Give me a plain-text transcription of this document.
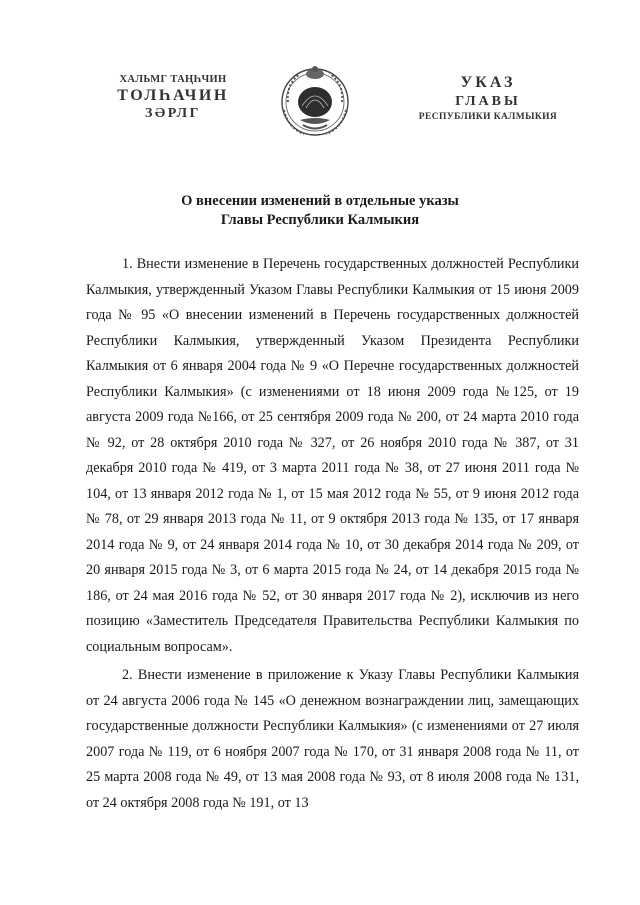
ХАЛЬМГ ТАҢҺЧИН
ТОЛҺАЧИН
ЗӘРЛГ
УКАЗ
ГЛАВЫ
РЕСПУБЛИКИ КАЛМЫКИЯ
О внесении изменений в отдельные указы
Главы Республики Калмыкия

1. Внести изменение в Перечень государственных должностей Республики Калмыкия, утвержденный Указом Главы Республики Калмыкия от 15 июня 2009 года № 95 «О внесении изменений в Перечень государственных должностей Республики Калмыкия, утвержденный Указом Президента Республики Калмыкия от 6 января 2004 года № 9 «О Перечне государственных должностей Республики Калмыкия» (с изменениями от 18 июня 2009 года №125, от 19 августа 2009 года №166, от 25 сентября 2009 года № 200, от 24 марта 2010 года № 92, от 28 октября 2010 года № 327, от 26 ноября 2010 года № 387, от 31 декабря 2010 года № 419, от 3 марта 2011 года № 38, от 27 июня 2011 года № 104, от 13 января 2012 года № 1, от 15 мая 2012 года № 55, от 9 июня 2012 года № 78, от 29 января 2013 года № 11, от 9 октября 2013 года № 135, от 17 января 2014 года № 9, от 24 января 2014 года № 10, от 30 декабря 2014 года № 209, от 20 января 2015 года № 3, от 6 марта 2015 года № 24, от 14 декабря 2015 года № 186, от 24 мая 2016 года № 52, от 30 января 2017 года № 2), исключив из него позицию «Заместитель Председателя Правительства Республики Калмыкия по социальным вопросам».

2. Внести изменение в приложение к Указу Главы Республики Калмыкия от 24 августа 2006 года № 145 «О денежном вознаграждении лиц, замещающих государственные должности Республики Калмыкия» (с изменениями от 27 июля 2007 года № 119, от 6 ноября 2007 года № 170, от 31 января 2008 года № 11, от 25 марта 2008 года № 49, от 13 мая 2008 года № 93, от 8 июля 2008 года № 131, от 24 октября 2008 года № 191, от 13
